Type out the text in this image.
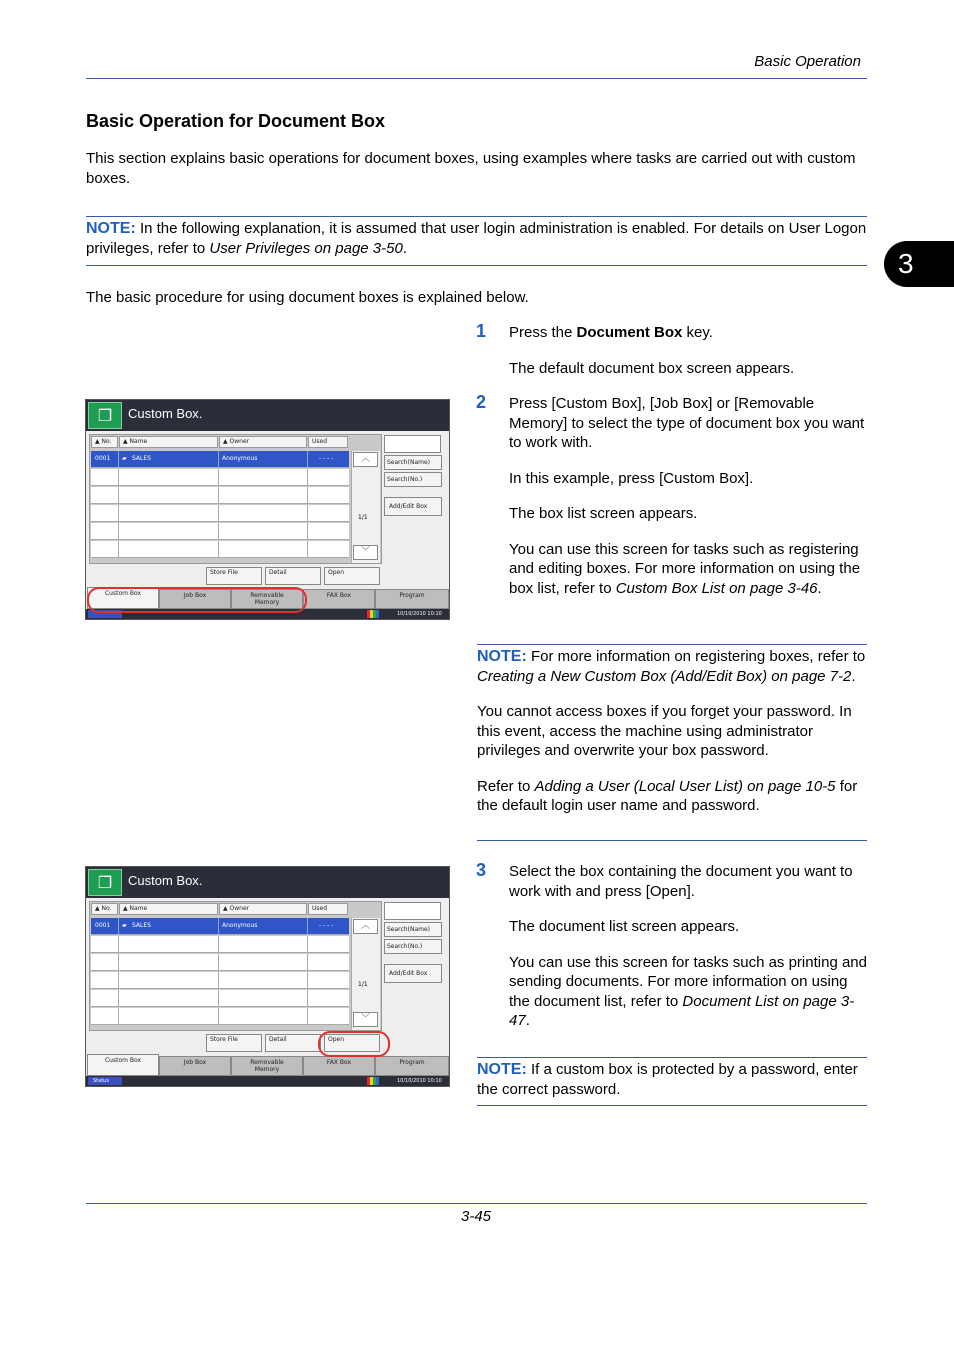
Basic Operation
3
Basic Operation for Document Box
This section explains basic operations for document boxes, using examples where tasks are carried out with custom boxes.
NOTE: In the following explanation, it is assumed that user login administration is enabled. For details on User Logon privileges, refer to User Privileges on page 3-50.
The basic procedure for using document boxes is explained below.
1 Press the Document Box key.

The default document box screen appears.

2 Press [Custom Box], [Job Box] or [Removable Memory] to select the type of document box you want to work with.

In this example, press [Custom Box].

The box list screen appears.

You can use this screen for tasks such as registering and editing boxes. For more information on using the box list, refer to Custom Box List on page 3-46.

NOTE: For more information on registering boxes, refer to Creating a New Custom Box (Add/Edit Box) on page 7-2.
You cannot access boxes if you forget your password. In this event, access the machine using administrator privileges and overwrite your box password.
Refer to Adding a User (Local User List) on page 10-5 for the default login user name and password.
3 Select the box containing the document you want to work with and press [Open].

The document list screen appears.

You can use this screen for tasks such as printing and sending documents. For more information on using the document list, refer to Document List on page 3-47.

NOTE: If a custom box is protected by a password, enter the correct password.
❐	Custom Box.
▲ No.	▲ Name	▲ Owner	Used
0001 ▰ SALES	Anonymous	- - - -	︿
1/1
﹀
Search(Name)
Search(No.)
Add/Edit Box
Store File	Detail	Open
Custom Box	Job Box	Removable Memory
FAX Box	Program
10/10/2010 10:10
❐	Custom Box.
▲ No.	▲ Name	▲ Owner	Used
0001 ▰ SALES	Anonymous	- - - -	︿
1/1
﹀
Search(Name)
Search(No.)
Add/Edit Box
Store File	Detail	Open
Custom Box	Job Box	Removable Memory
FAX Box	Program
Status	10/10/2010 10:10
3-45
